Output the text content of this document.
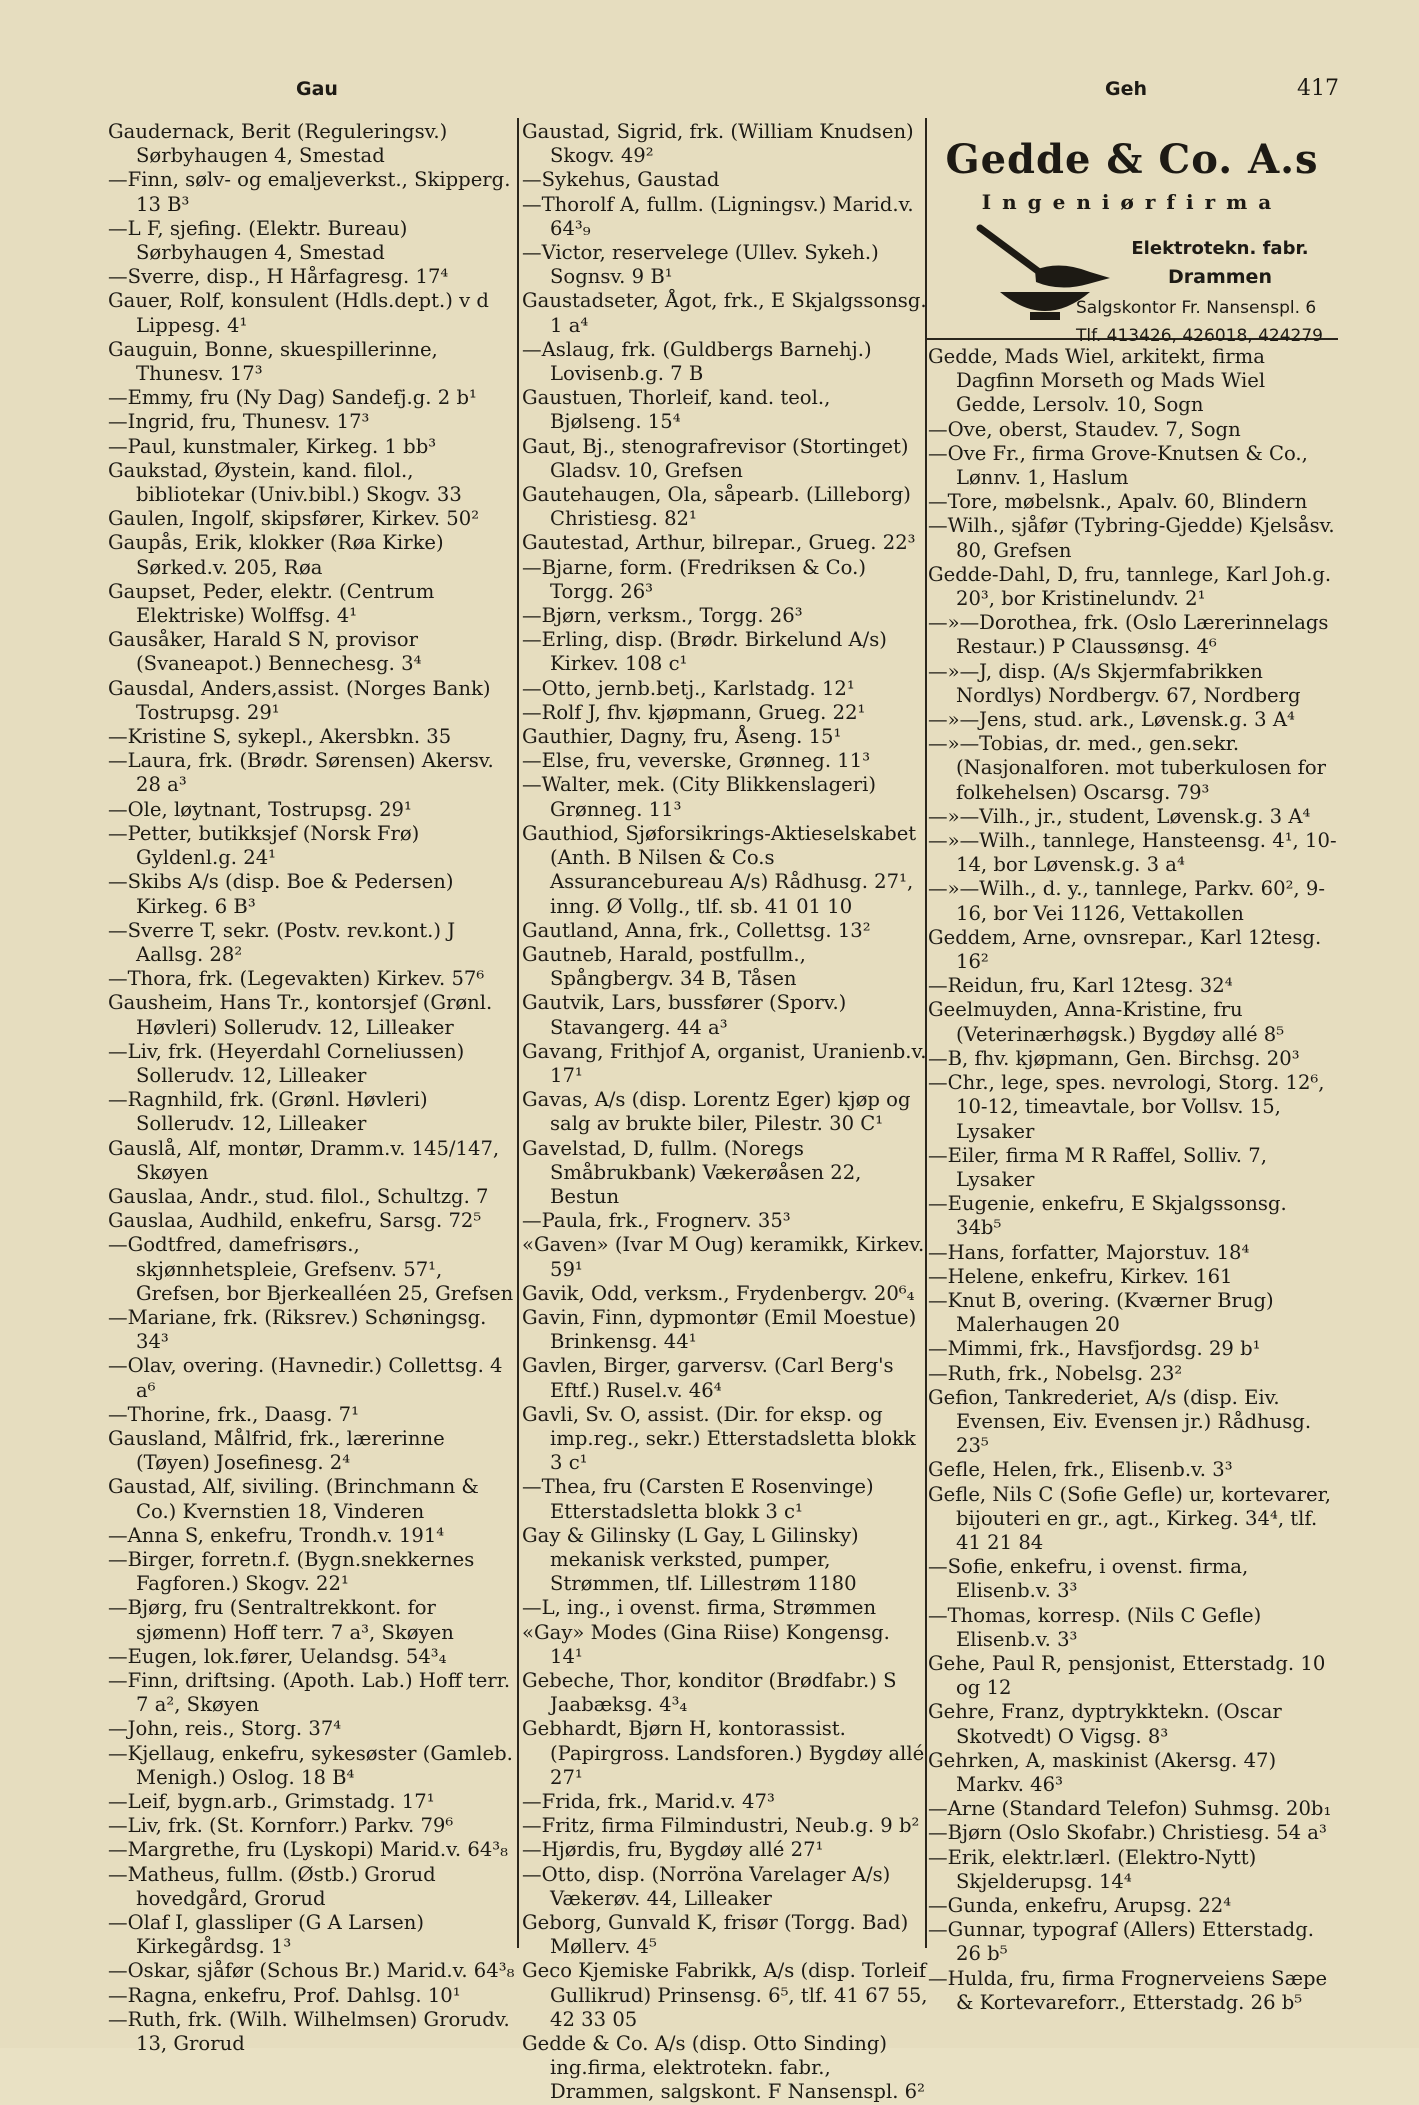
Gau	Geh	417

Gaudernack, Berit (Reguleringsv.) Sørbyhaugen 4, Smestad

—Finn, sølv- og emaljeverkst., Skipperg. 13 B³

—L F, sjefing. (Elektr. Bureau) Sørbyhaugen 4, Smestad

—Sverre, disp., H Hårfagresg. 17⁴

Gauer, Rolf, konsulent (Hdls.dept.) v d Lippesg. 4¹

Gauguin, Bonne, skuespillerinne, Thunesv. 17³

—Emmy, fru (Ny Dag) Sandefj.g. 2 b¹

—Ingrid, fru, Thunesv. 17³

—Paul, kunstmaler, Kirkeg. 1 bb³

Gaukstad, Øystein, kand. filol., bibliotekar (Univ.bibl.) Skogv. 33

Gaulen, Ingolf, skipsfører, Kirkev. 50²

Gaupås, Erik, klokker (Røa Kirke) Sørked.v. 205, Røa

Gaupset, Peder, elektr. (Centrum Elektriske) Wolffsg. 4¹

Gausåker, Harald S N, provisor (Svaneapot.) Bennechesg. 3⁴

Gausdal, Anders,assist. (Norges Bank) Tostrupsg. 29¹

—Kristine S, sykepl., Akersbkn. 35

—Laura, frk. (Brødr. Sørensen) Akersv. 28 a³

—Ole, løytnant, Tostrupsg. 29¹

—Petter, butikksjef (Norsk Frø) Gyldenl.g. 24¹

—Skibs A/s (disp. Boe & Pedersen) Kirkeg. 6 B³

—Sverre T, sekr. (Postv. rev.kont.) J Aallsg. 28²

—Thora, frk. (Legevakten) Kirkev. 57⁶

Gausheim, Hans Tr., kontorsjef (Grønl. Høvleri) Sollerudv. 12, Lilleaker

—Liv, frk. (Heyerdahl Corneliussen) Sollerudv. 12, Lilleaker

—Ragnhild, frk. (Grønl. Høvleri) Sollerudv. 12, Lilleaker

Gauslå, Alf, montør, Dramm.v. 145/147, Skøyen

Gauslaa, Andr., stud. filol., Schultzg. 7

Gauslaa, Audhild, enkefru, Sarsg. 72⁵

—Godtfred, damefrisørs., skjønnhetspleie, Grefsenv. 57¹, Grefsen, bor Bjerkealléen 25, Grefsen

—Mariane, frk. (Riksrev.) Schøningsg. 34³

—Olav, overing. (Havnedir.) Collettsg. 4 a⁶

—Thorine, frk., Daasg. 7¹

Gausland, Målfrid, frk., lærerinne (Tøyen) Josefinesg. 2⁴

Gaustad, Alf, siviling. (Brinchmann & Co.) Kvernstien 18, Vinderen

—Anna S, enkefru, Trondh.v. 191⁴

—Birger, forretn.f. (Bygn.snekkernes Fagforen.) Skogv. 22¹

—Bjørg, fru (Sentraltrekkont. for sjømenn) Hoff terr. 7 a³, Skøyen

—Eugen, lok.fører, Uelandsg. 54³₄

—Finn, driftsing. (Apoth. Lab.) Hoff terr. 7 a², Skøyen

—John, reis., Storg. 37⁴

—Kjellaug, enkefru, sykesøster (Gamleb. Menigh.) Oslog. 18 B⁴

—Leif, bygn.arb., Grimstadg. 17¹

—Liv, frk. (St. Kornforr.) Parkv. 79⁶

—Margrethe, fru (Lyskopi) Marid.v. 64³₈

—Matheus, fullm. (Østb.) Grorud hovedgård, Grorud

—Olaf I, glassliper (G A Larsen) Kirkegårdsg. 1³

—Oskar, sjåfør (Schous Br.) Marid.v. 64³₈

—Ragna, enkefru, Prof. Dahlsg. 10¹

—Ruth, frk. (Wilh. Wilhelmsen) Grorudv. 13, Grorud

Gaustad, Sigrid, frk. (William Knudsen) Skogv. 49²

—Sykehus, Gaustad

—Thorolf A, fullm. (Ligningsv.) Marid.v. 64³₉

—Victor, reservelege (Ullev. Sykeh.) Sognsv. 9 B¹

Gaustadseter, Ågot, frk., E Skjalgssonsg. 1 a⁴

—Aslaug, frk. (Guldbergs Barnehj.) Lovisenb.g. 7 B

Gaustuen, Thorleif, kand. teol., Bjølseng. 15⁴

Gaut, Bj., stenografrevisor (Stortinget) Gladsv. 10, Grefsen

Gautehaugen, Ola, såpearb. (Lilleborg) Christiesg. 82¹

Gautestad, Arthur, bilrepar., Grueg. 22³

—Bjarne, form. (Fredriksen & Co.) Torgg. 26³

—Bjørn, verksm., Torgg. 26³

—Erling, disp. (Brødr. Birkelund A/s) Kirkev. 108 c¹

—Otto, jernb.betj., Karlstadg. 12¹

—Rolf J, fhv. kjøpmann, Grueg. 22¹

Gauthier, Dagny, fru, Åseng. 15¹

—Else, fru, veverske, Grønneg. 11³

—Walter, mek. (City Blikkenslageri) Grønneg. 11³

Gauthiod, Sjøforsikrings-Aktieselskabet (Anth. B Nilsen & Co.s Assurancebureau A/s) Rådhusg. 27¹, inng. Ø Vollg., tlf. sb. 41 01 10

Gautland, Anna, frk., Collettsg. 13²

Gautneb, Harald, postfullm., Spångbergv. 34 B, Tåsen

Gautvik, Lars, bussfører (Sporv.) Stavangerg. 44 a³

Gavang, Frithjof A, organist, Uranienb.v. 17¹

Gavas, A/s (disp. Lorentz Eger) kjøp og salg av brukte biler, Pilestr. 30 C¹

Gavelstad, D, fullm. (Noregs Småbrukbank) Vækerøåsen 22, Bestun

—Paula, frk., Frognerv. 35³

«Gaven» (Ivar M Oug) keramikk, Kirkev. 59¹

Gavik, Odd, verksm., Frydenbergv. 20⁶₄

Gavin, Finn, dypmontør (Emil Moestue) Brinkensg. 44¹

Gavlen, Birger, garversv. (Carl Berg's Eftf.) Rusel.v. 46⁴

Gavli, Sv. O, assist. (Dir. for eksp. og imp.reg., sekr.) Etterstadsletta blokk 3 c¹

—Thea, fru (Carsten E Rosenvinge) Etterstadsletta blokk 3 c¹

Gay & Gilinsky (L Gay, L Gilinsky) mekanisk verksted, pumper, Strømmen, tlf. Lillestrøm 1180

—L, ing., i ovenst. firma, Strømmen

«Gay» Modes (Gina Riise) Kongensg. 14¹

Gebeche, Thor, konditor (Brødfabr.) S Jaabæksg. 4³₄

Gebhardt, Bjørn H, kontorassist. (Papirgross. Landsforen.) Bygdøy allé 27¹

—Frida, frk., Marid.v. 47³

—Fritz, firma Filmindustri, Neub.g. 9 b²

—Hjørdis, fru, Bygdøy allé 27¹

—Otto, disp. (Norröna Varelager A/s) Vækerøv. 44, Lilleaker

Geborg, Gunvald K, frisør (Torgg. Bad) Møllerv. 4⁵

Geco Kjemiske Fabrikk, A/s (disp. Torleif Gullikrud) Prinsensg. 6⁵, tlf. 41 67 55, 42 33 05

Gedde & Co. A/s (disp. Otto Sinding) ing.firma, elektrotekn. fabr., Drammen, salgskont. F Nansenspl. 6²

Gedde & Co. A.s
Ingeniørfirma
Elektrotekn. fabr.
Drammen
Salgskontor Fr. Nansenspl. 6
Tlf. 413426, 426018, 424279

Gedde, Mads Wiel, arkitekt, firma Dagfinn Morseth og Mads Wiel Gedde, Lersolv. 10, Sogn

—Ove, oberst, Staudev. 7, Sogn

—Ove Fr., firma Grove-Knutsen & Co., Lønnv. 1, Haslum

—Tore, møbelsnk., Apalv. 60, Blindern

—Wilh., sjåfør (Tybring-Gjedde) Kjelsåsv. 80, Grefsen

Gedde-Dahl, D, fru, tannlege, Karl Joh.g. 20³, bor Kristinelundv. 2¹

—»—Dorothea, frk. (Oslo Lærerinnelags Restaur.) P Claussønsg. 4⁶

—»—J, disp. (A/s Skjermfabrikken Nordlys) Nordbergv. 67, Nordberg

—»—Jens, stud. ark., Løvensk.g. 3 A⁴

—»—Tobias, dr. med., gen.sekr. (Nasjonalforen. mot tuberkulosen for folkehelsen) Oscarsg. 79³

—»—Vilh., jr., student, Løvensk.g. 3 A⁴

—»—Wilh., tannlege, Hansteensg. 4¹, 10-14, bor Løvensk.g. 3 a⁴

—»—Wilh., d. y., tannlege, Parkv. 60², 9-16, bor Vei 1126, Vettakollen

Geddem, Arne, ovnsrepar., Karl 12tesg. 16²

—Reidun, fru, Karl 12tesg. 32⁴

Geelmuyden, Anna-Kristine, fru (Veterinærhøgsk.) Bygdøy allé 8⁵

—B, fhv. kjøpmann, Gen. Birchsg. 20³

—Chr., lege, spes. nevrologi, Storg. 12⁶, 10-12, timeavtale, bor Vollsv. 15, Lysaker

—Eiler, firma M R Raffel, Solliv. 7, Lysaker

—Eugenie, enkefru, E Skjalgssonsg. 34b⁵

—Hans, forfatter, Majorstuv. 18⁴

—Helene, enkefru, Kirkev. 161

—Knut B, overing. (Kværner Brug) Malerhaugen 20

—Mimmi, frk., Havsfjordsg. 29 b¹

—Ruth, frk., Nobelsg. 23²

Gefion, Tankrederiet, A/s (disp. Eiv. Evensen, Eiv. Evensen jr.) Rådhusg. 23⁵

Gefle, Helen, frk., Elisenb.v. 3³

Gefle, Nils C (Sofie Gefle) ur, kortevarer, bijouteri en gr., agt., Kirkeg. 34⁴, tlf. 41 21 84

—Sofie, enkefru, i ovenst. firma, Elisenb.v. 3³

—Thomas, korresp. (Nils C Gefle) Elisenb.v. 3³

Gehe, Paul R, pensjonist, Etterstadg. 10 og 12

Gehre, Franz, dyptrykktekn. (Oscar Skotvedt) O Vigsg. 8³

Gehrken, A, maskinist (Akersg. 47) Markv. 46³

—Arne (Standard Telefon) Suhmsg. 20b₁

—Bjørn (Oslo Skofabr.) Christiesg. 54 a³

—Erik, elektr.lærl. (Elektro-Nytt) Skjelderupsg. 14⁴

—Gunda, enkefru, Arupsg. 22⁴

—Gunnar, typograf (Allers) Etterstadg. 26 b⁵

—Hulda, fru, firma Frognerveiens Sæpe & Kortevareforr., Etterstadg. 26 b⁵
